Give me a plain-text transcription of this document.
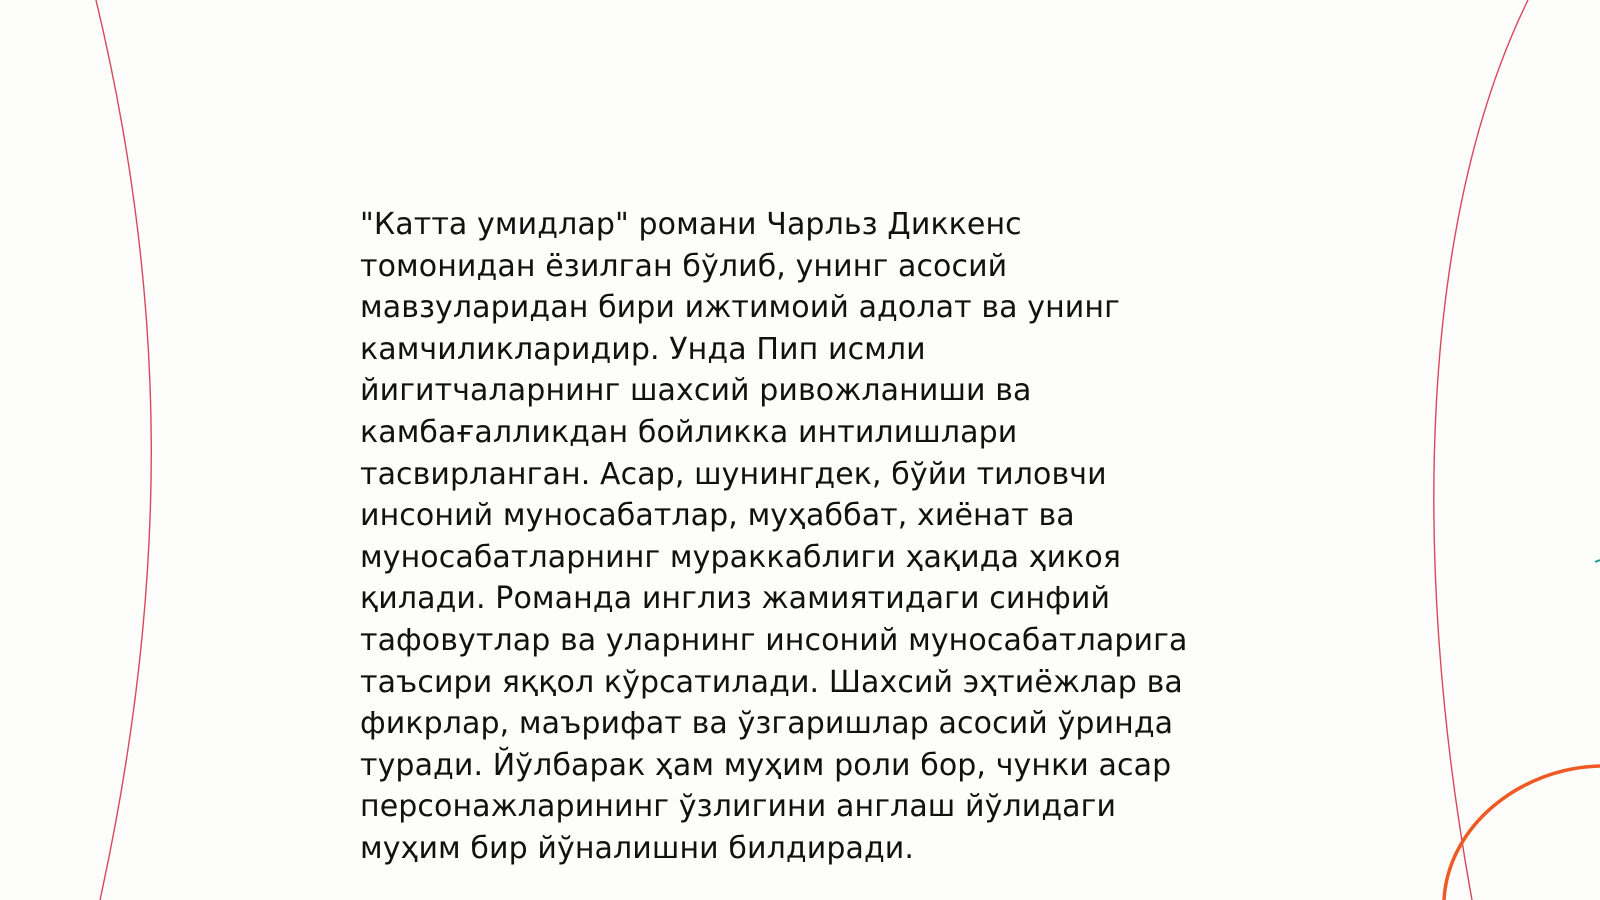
"Катта умидлар" романи Чарльз Диккенс
томонидан ёзилган бўлиб, унинг асосий
мавзуларидан бири ижтимоий адолат ва унинг
камчиликларидир. Унда Пип исмли
йигитчаларнинг шахсий ривожланиши ва
камбағалликдан бойликка интилишлари
тасвирланган. Асар, шунингдек, бўйи тиловчи
инсоний муносабатлар, муҳаббат, хиёнат ва
муносабатларнинг мураккаблиги ҳақида ҳикоя
қилади. Романда инглиз жамиятидаги синфий
тафовутлар ва уларнинг инсоний муносабатларига
таъсири яққол кўрсатилади. Шахсий эҳтиёжлар ва
фикрлар, маърифат ва ўзгаришлар асосий ўринда
туради. Йўлбарак ҳам муҳим роли бор, чунки асар
персонажларининг ўзлигини англаш йўлидаги
муҳим бир йўналишни билдиради.
